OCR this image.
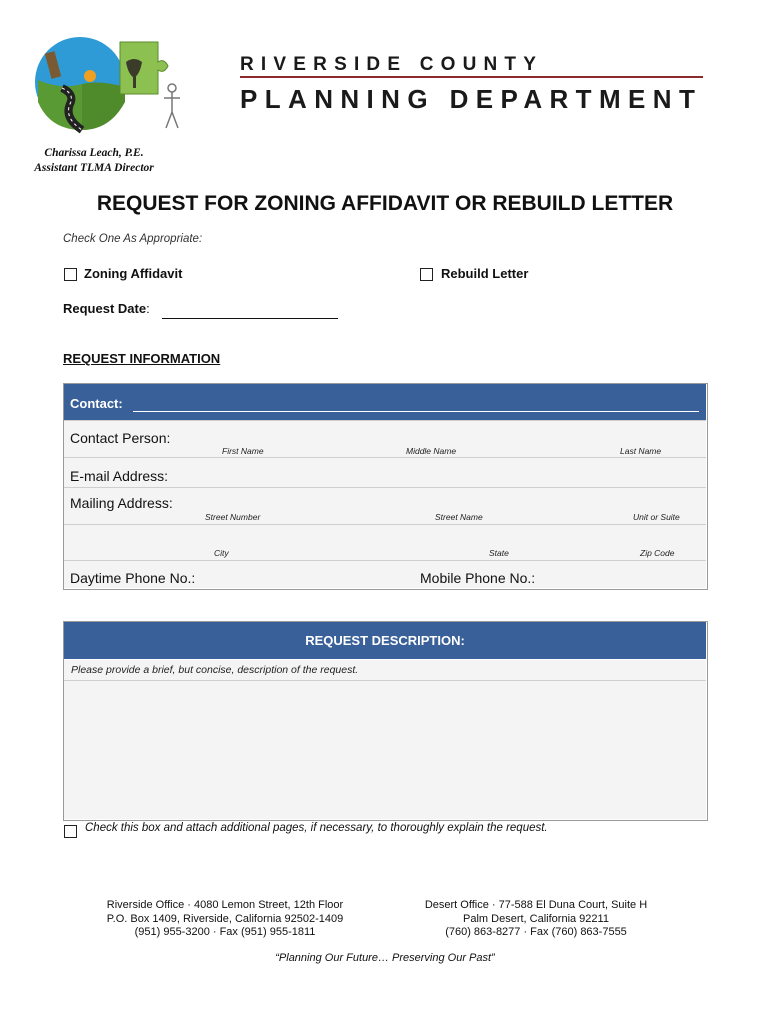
RIVERSIDE COUNTY
PLANNING DEPARTMENT
Charissa Leach, P.E.
Assistant TLMA Director
REQUEST FOR ZONING AFFIDAVIT OR REBUILD LETTER
Check One As Appropriate:
Zoning Affidavit	Rebuild Letter
Request Date:
REQUEST INFORMATION
Contact:
Contact Person:
First Name	Middle Name	Last Name
E-mail Address:
Mailing Address:
Street Number	Street Name	Unit or Suite
City	State	Zip Code
Daytime Phone No.:	Mobile Phone No.:
REQUEST DESCRIPTION:
Please provide a brief, but concise, description of the request.
Check this box and attach additional pages, if necessary, to thoroughly explain the request.
Riverside Office · 4080 Lemon Street, 12th Floor
P.O. Box 1409, Riverside, California 92502-1409
(951) 955-3200 · Fax (951) 955-1811
Desert Office · 77-588 El Duna Court, Suite H
Palm Desert, California 92211
(760) 863-8277 · Fax (760) 863-7555
“Planning Our Future… Preserving Our Past”
